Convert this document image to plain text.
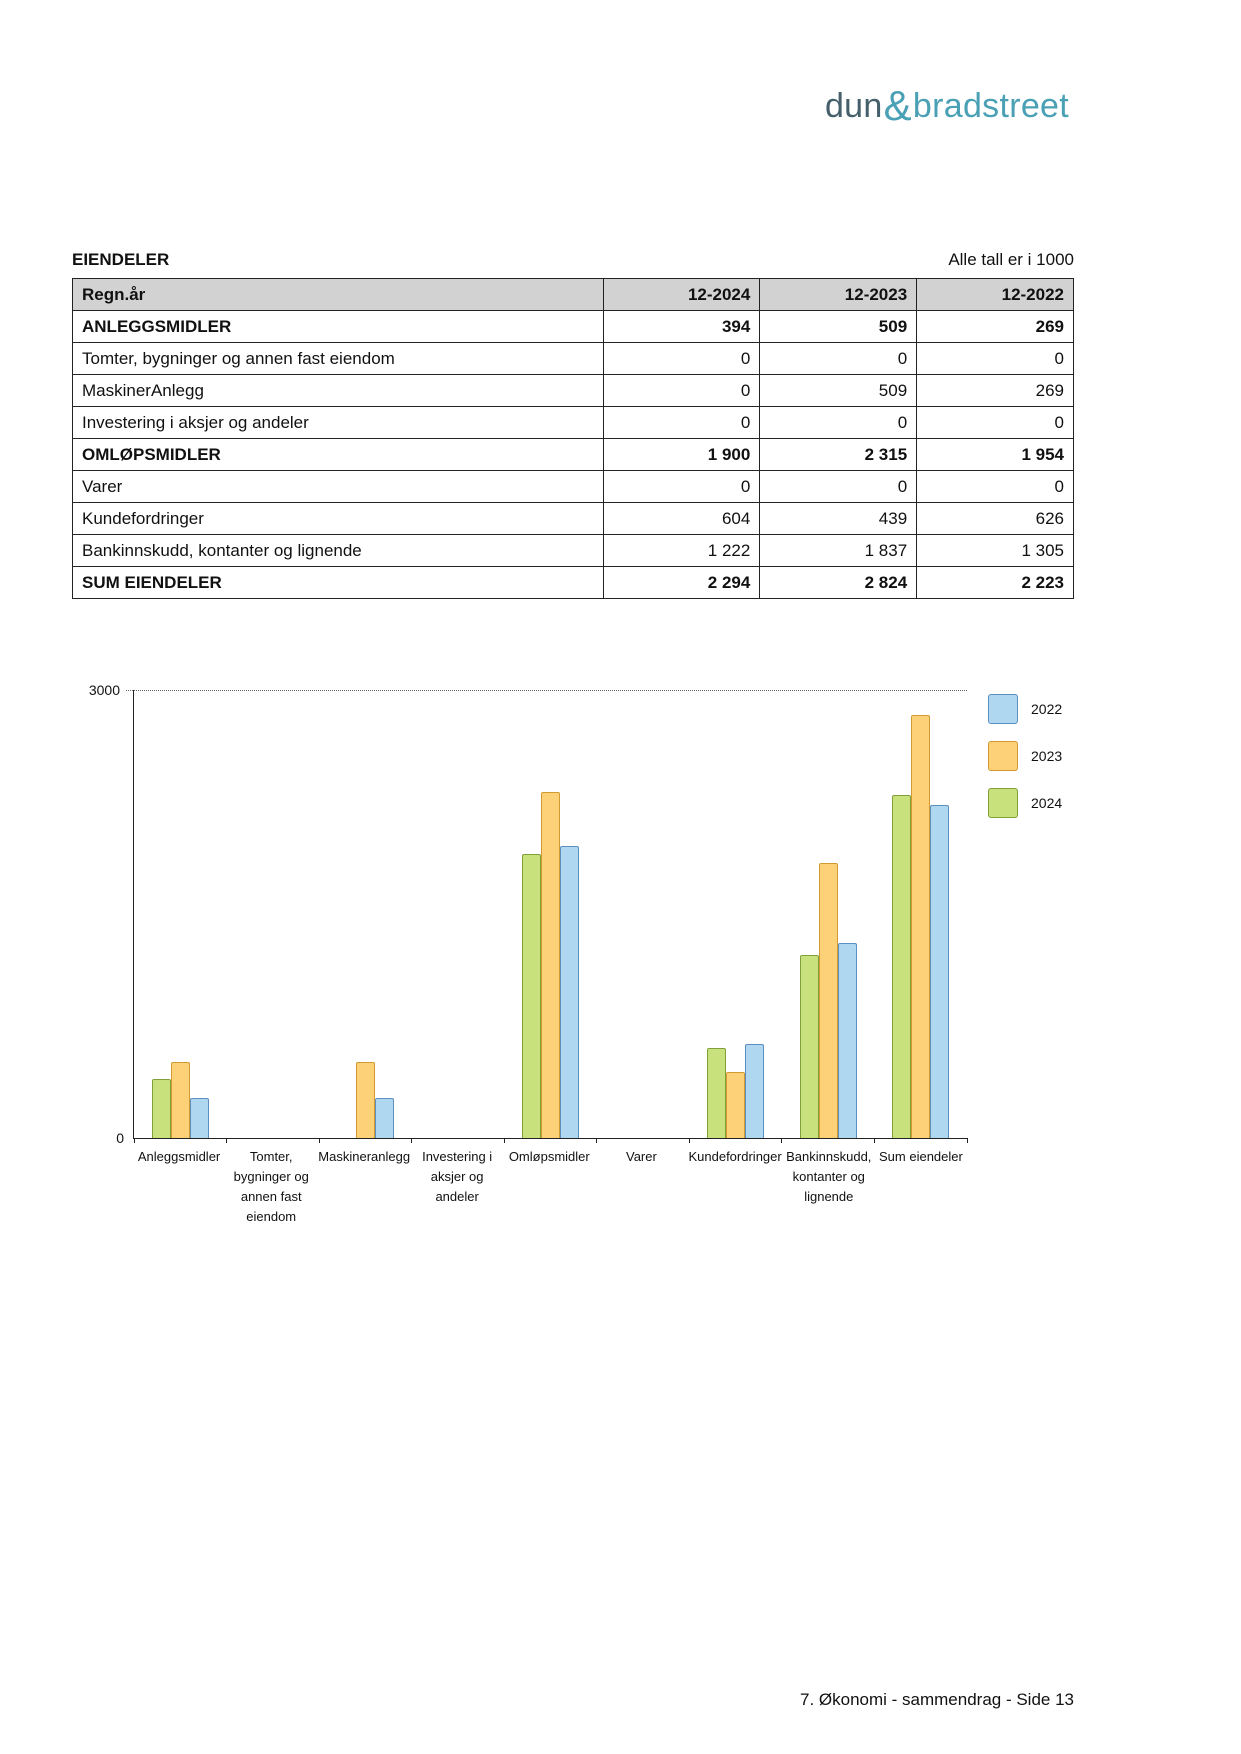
dun&bradstreet
EIENDELER	Alle tall er i 1000
Regn.år	12-2024	12-2023	12-2022
ANLEGGSMIDLER	394	509	269
Tomter, bygninger og annen fast eiendom	0	0	0
MaskinerAnlegg	0	509	269
Investering i aksjer og andeler	0	0	0
OMLØPSMIDLER	1 900	2 315	1 954
Varer	0	0	0
Kundefordringer	604	439	626
Bankinnskudd, kontanter og lignende	1 222	1 837	1 305
SUM EIENDELER	2 294	2 824	2 223
3000
0
Anleggsmidler	Tomter, bygninger og annen fast eiendom
Maskineranlegg Investering i aksjer og andeler
Omløpsmidler	Varer	Kundefordringer Bankinnskudd, kontanter og lignende
Sum eiendeler
2022
2023
2024
7. Økonomi - sammendrag - Side 13
